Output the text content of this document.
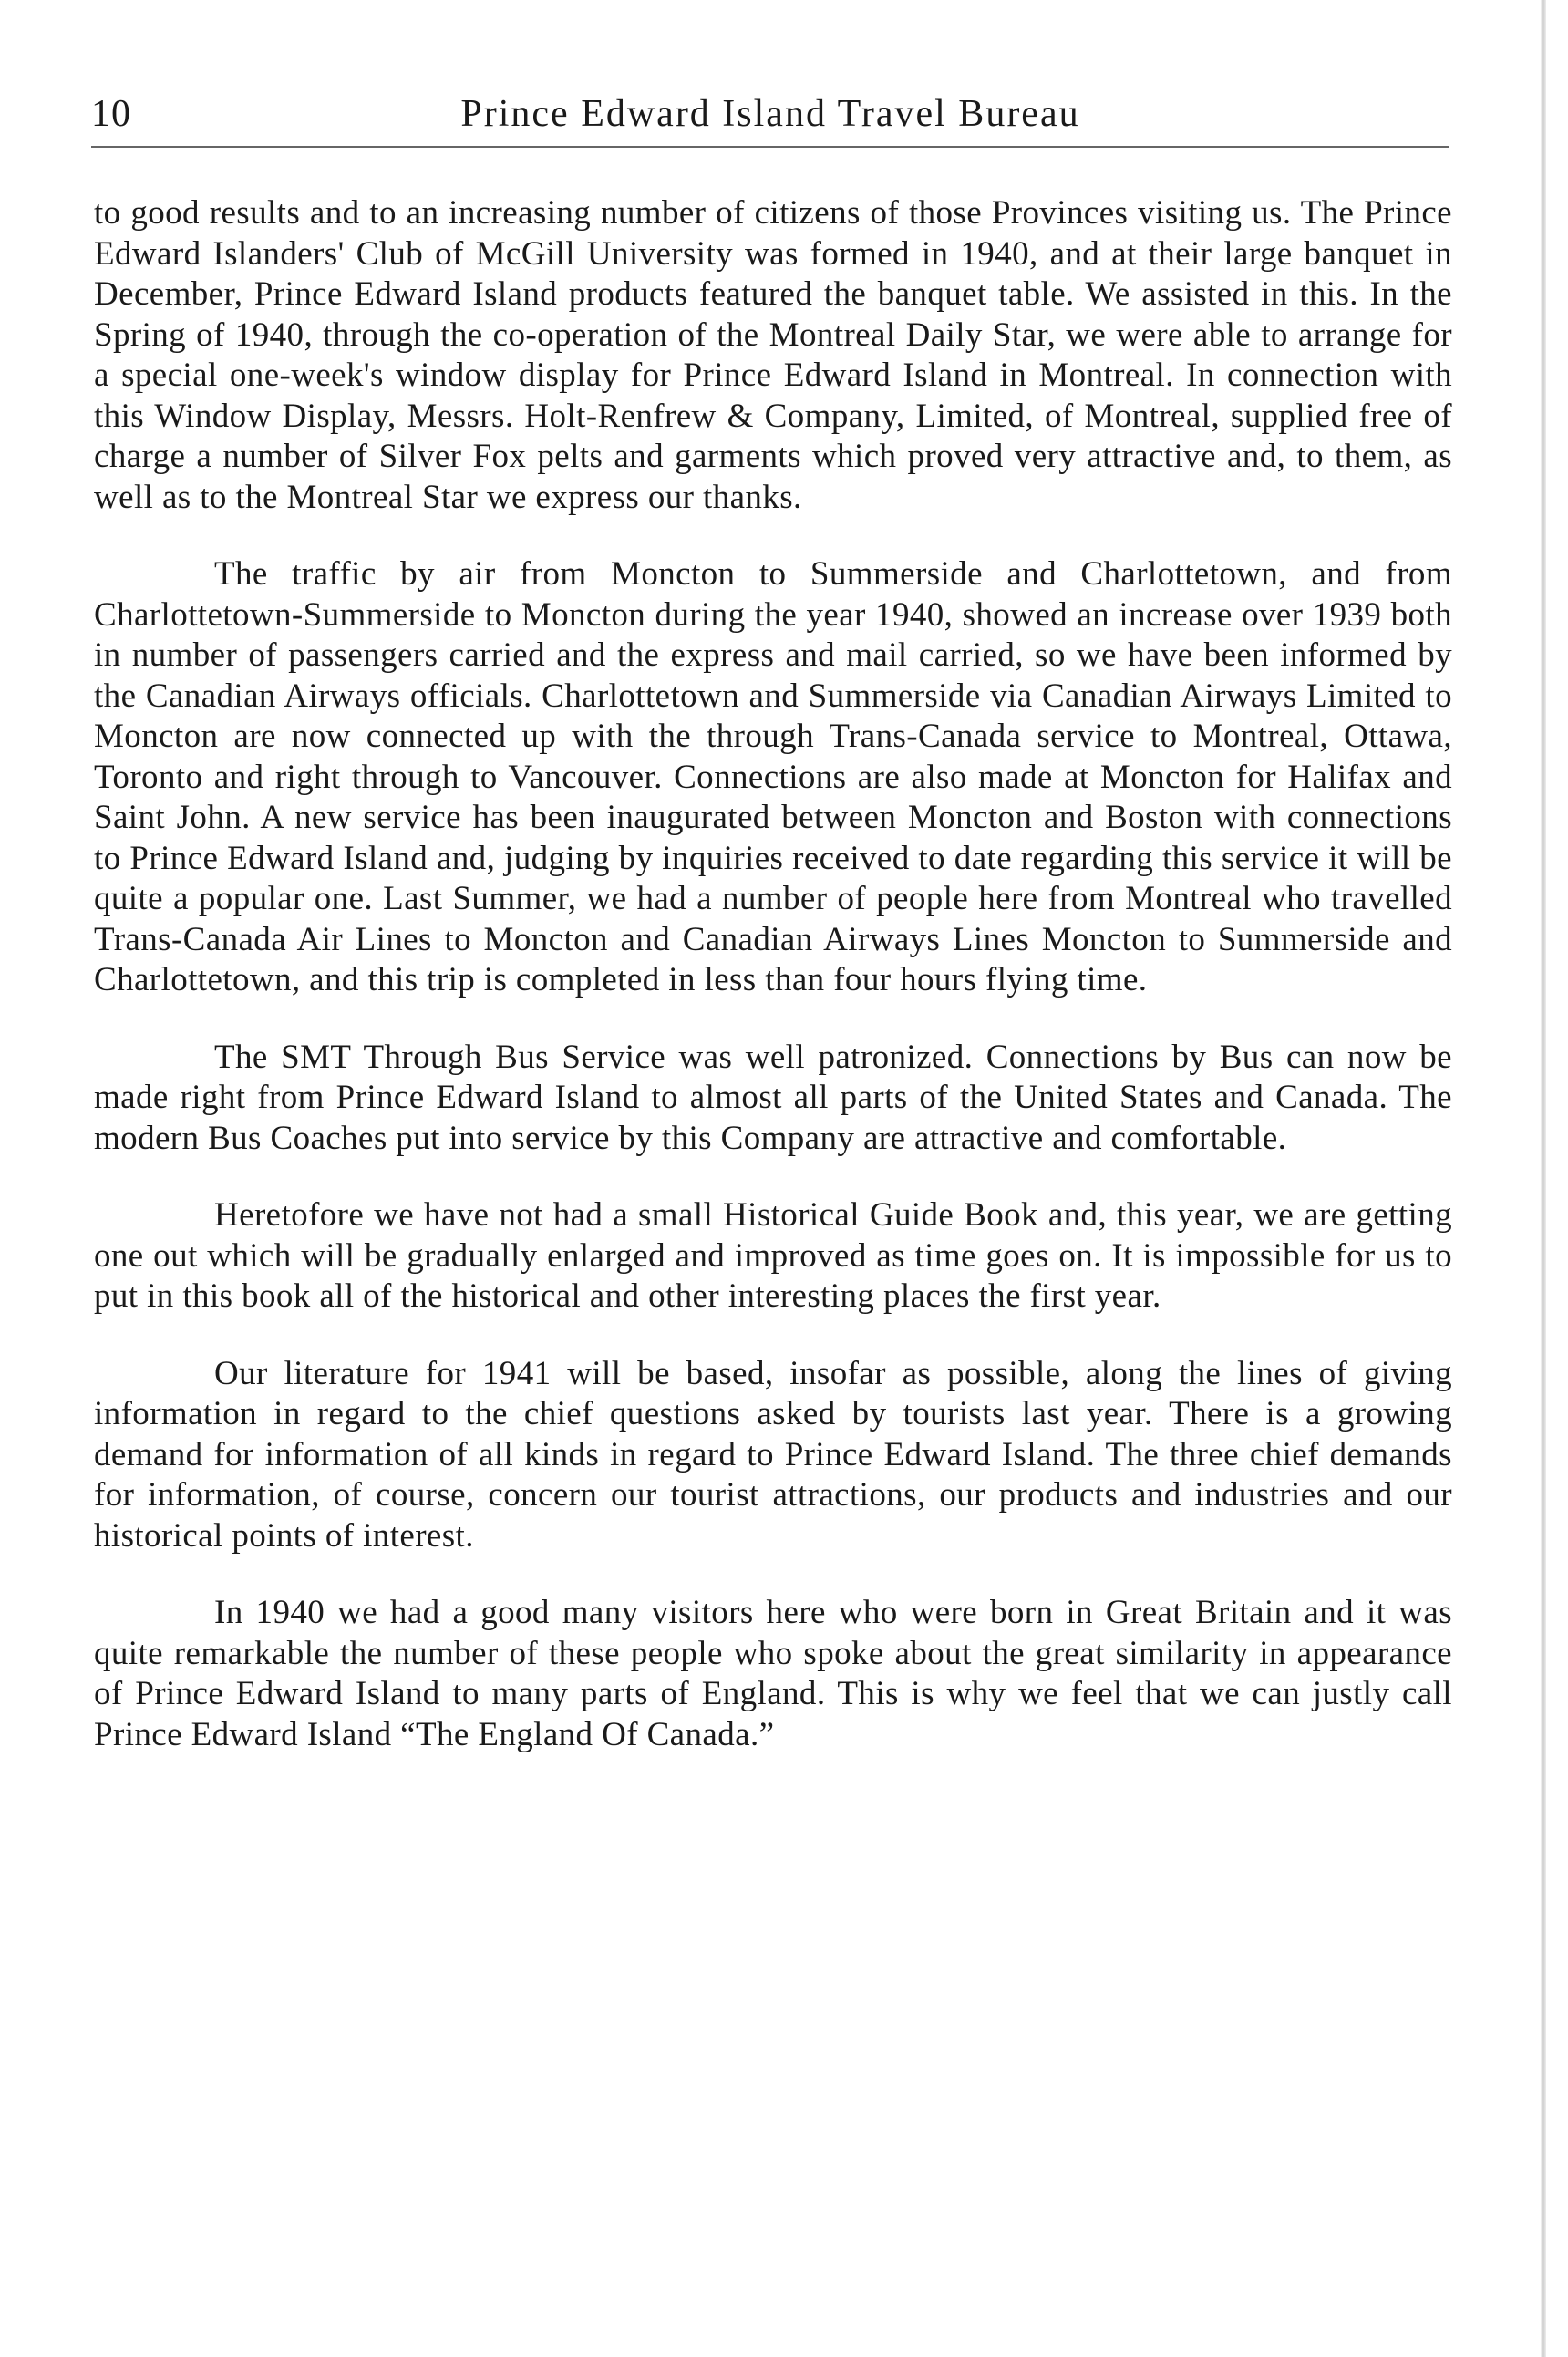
10	Prince Edward Island Travel Bureau

to good results and to an increasing number of citizens of those Provinces visiting us. The Prince Edward Islanders' Club of McGill University was formed in 1940, and at their large banquet in December, Prince Edward Island products featured the banquet table. We assisted in this. In the Spring of 1940, through the co-operation of the Montreal Daily Star, we were able to arrange for a special one-week's window display for Prince Edward Island in Montreal. In connection with this Window Display, Messrs. Holt-Renfrew & Company, Limited, of Montreal, supplied free of charge a number of Silver Fox pelts and garments which proved very attractive and, to them, as well as to the Montreal Star we express our thanks.

The traffic by air from Moncton to Summerside and Charlottetown, and from Charlottetown-Summerside to Moncton during the year 1940, showed an increase over 1939 both in number of passengers carried and the express and mail carried, so we have been informed by the Canadian Airways officials. Charlottetown and Summerside via Canadian Airways Limited to Moncton are now connected up with the through Trans-Canada service to Montreal, Ottawa, Toronto and right through to Vancouver. Connections are also made at Moncton for Halifax and Saint John. A new service has been inaugurated between Moncton and Boston with connections to Prince Edward Island and, judging by inquiries received to date regarding this service it will be quite a popular one. Last Summer, we had a number of people here from Montreal who travelled Trans-Canada Air Lines to Moncton and Canadian Airways Lines Moncton to Summerside and Charlottetown, and this trip is completed in less than four hours flying time.

The SMT Through Bus Service was well patronized. Connections by Bus can now be made right from Prince Edward Island to almost all parts of the United States and Canada. The modern Bus Coaches put into service by this Company are attractive and comfortable.

Heretofore we have not had a small Historical Guide Book and, this year, we are getting one out which will be gradually enlarged and improved as time goes on. It is impossible for us to put in this book all of the historical and other interesting places the first year.

Our literature for 1941 will be based, insofar as possible, along the lines of giving information in regard to the chief questions asked by tourists last year. There is a growing demand for information of all kinds in regard to Prince Edward Island. The three chief demands for information, of course, concern our tourist attractions, our products and industries and our historical points of interest.

In 1940 we had a good many visitors here who were born in Great Britain and it was quite remarkable the number of these people who spoke about the great similarity in appearance of Prince Edward Island to many parts of England. This is why we feel that we can justly call Prince Edward Island “The England Of Canada.”
